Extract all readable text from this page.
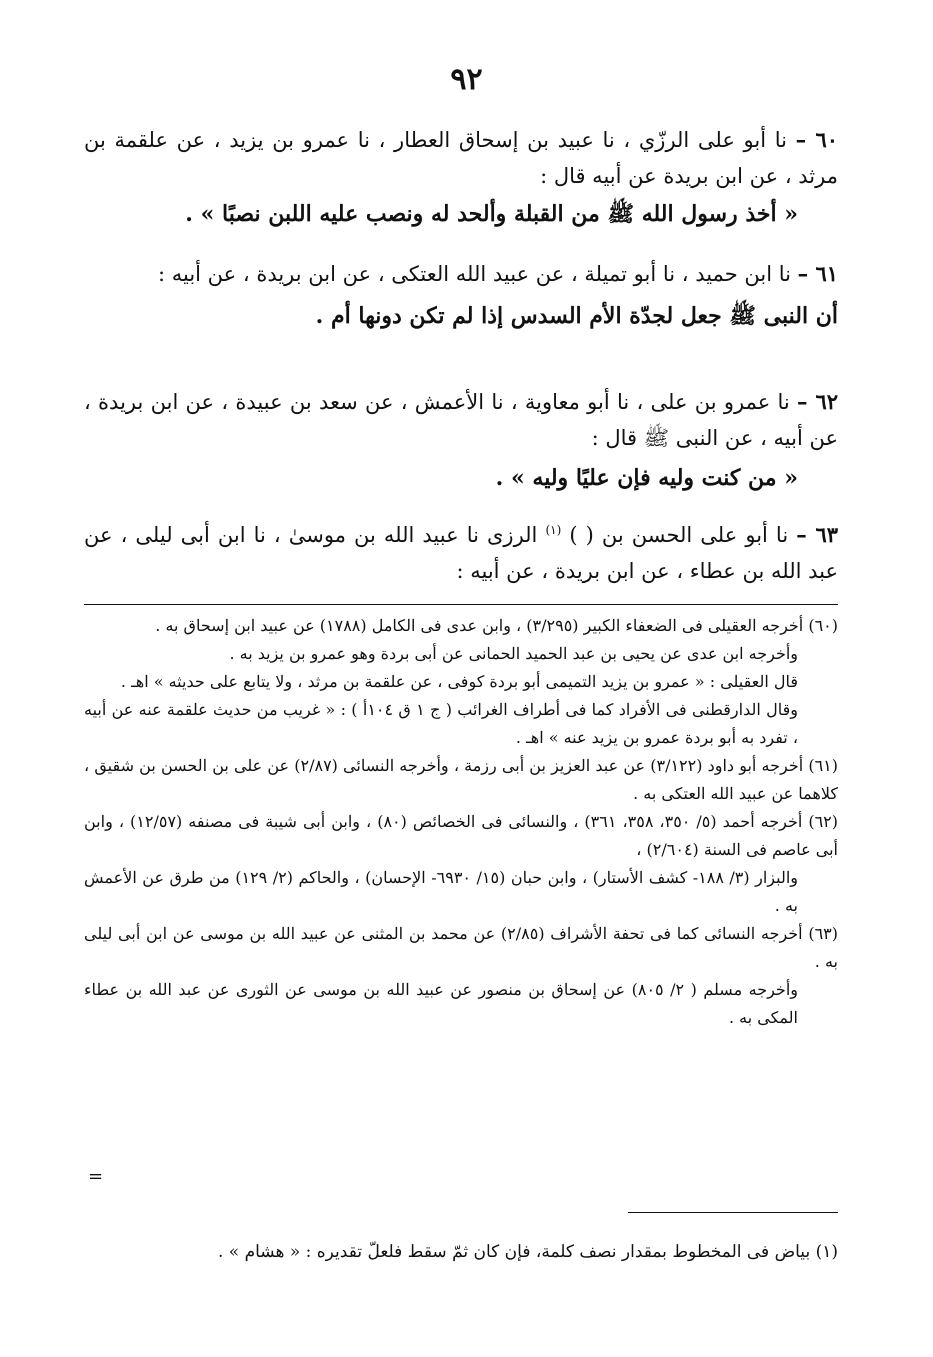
٩٢

٦٠ – نا أبو على الرزّي ، نا عبيد بن إسحاق العطار ، نا عمرو بن يزيد ، عن علقمة بن مرثد ، عن ابن بريدة عن أبيه قال :

« أخذ رسول الله ﷺ من القبلة وألحد له ونصب عليه اللبن نصبًا » .

٦١ – نا ابن حميد ، نا أبو تميلة ، عن عبيد الله العتكى ، عن ابن بريدة ، عن أبيه :

أن النبى ﷺ جعل لجدّة الأم السدس إذا لم تكن دونها أم .

٦٢ – نا عمرو بن على ، نا أبو معاوية ، نا الأعمش ، عن سعد بن عبيدة ، عن ابن بريدة ، عن أبيه ، عن النبى ﷺ قال :

« من كنت وليه فإن عليًا وليه » .

٦٣ – نا أبو على الحسن بن ( ) $^{(١)}$ الرزى نا عبيد الله بن موسىٰ ، نا ابن أبى ليلى ، عن عبد الله بن عطاء ، عن ابن بريدة ، عن أبيه :

(٦٠) أخرجه العقيلى فى الضعفاء الكبير (٣/٢٩٥) ، وابن عدى فى الكامل (١٧٨٨) عن عبيد ابن إسحاق به .

وأخرجه ابن عدى عن يحيى بن عبد الحميد الحمانى عن أبى بردة وهو عمرو بن يزيد به .

قال العقيلى : « عمرو بن يزيد التميمى أبو بردة كوفى ، عن علقمة بن مرثد ، ولا يتابع على حديثه » اهـ .

وقال الدارقطنى فى الأفراد كما فى أطراف الغرائب ( ج ١ ق ١٠٤أ ) : « غريب من حديث علقمة عنه عن أبيه ، تفرد به أبو بردة عمرو بن يزيد عنه » اهـ .

(٦١) أخرجه أبو داود (٣/١٢٢) عن عبد العزيز بن أبى رزمة ، وأخرجه النسائى (٢/٨٧) عن على بن الحسن بن شقيق ، كلاهما عن عبيد الله العتكى به .

(٦٢) أخرجه أحمد (٥/ ٣٥٠، ٣٥٨، ٣٦١) ، والنسائى فى الخصائص (٨٠) ، وابن أبى شيبة فى مصنفه (١٢/٥٧) ، وابن أبى عاصم فى السنة (٢/٦٠٤) ،

والبزار (٣/ ١٨٨- كشف الأستار) ، وابن حبان (١٥/ ٦٩٣٠- الإحسان) ، والحاكم (٢/ ١٢٩) من طرق عن الأعمش به .

(٦٣) أخرجه النسائى كما فى تحفة الأشراف (٢/٨٥) عن محمد بن المثنى عن عبيد الله بن موسى عن ابن أبى ليلى به .

وأخرجه مسلم ( ٢/ ٨٠٥) عن إسحاق بن منصور عن عبيد الله بن موسى عن الثورى عن عبد الله بن عطاء المكى به .

=
(١) بياض فى المخطوط بمقدار نصف كلمة، فإن كان ثمّ سقط فلعلّ تقديره : « هشام » .
